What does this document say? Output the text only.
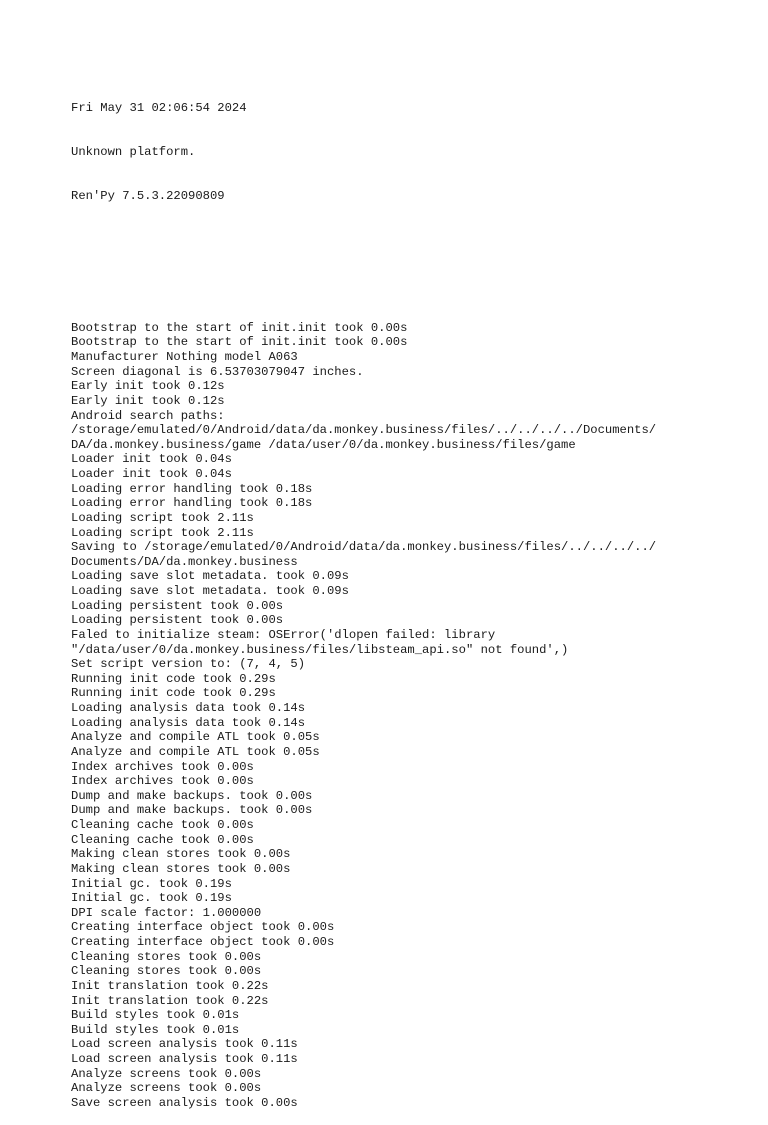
Fri May 31 02:06:54 2024

Unknown platform.

Ren'Py 7.5.3.22090809

Bootstrap to the start of init.init took 0.00s
Bootstrap to the start of init.init took 0.00s
Manufacturer Nothing model A063
Screen diagonal is 6.53703079047 inches.
Early init took 0.12s
Early init took 0.12s
Android search paths:
/storage/emulated/0/Android/data/da.monkey.business/files/../../../../Documents/
DA/da.monkey.business/game /data/user/0/da.monkey.business/files/game
Loader init took 0.04s
Loader init took 0.04s
Loading error handling took 0.18s
Loading error handling took 0.18s
Loading script took 2.11s
Loading script took 2.11s
Saving to /storage/emulated/0/Android/data/da.monkey.business/files/../../../../
Documents/DA/da.monkey.business
Loading save slot metadata. took 0.09s
Loading save slot metadata. took 0.09s
Loading persistent took 0.00s
Loading persistent took 0.00s
Faled to initialize steam: OSError('dlopen failed: library
"/data/user/0/da.monkey.business/files/libsteam_api.so" not found',)
Set script version to: (7, 4, 5)
Running init code took 0.29s
Running init code took 0.29s
Loading analysis data took 0.14s
Loading analysis data took 0.14s
Analyze and compile ATL took 0.05s
Analyze and compile ATL took 0.05s
Index archives took 0.00s
Index archives took 0.00s
Dump and make backups. took 0.00s
Dump and make backups. took 0.00s
Cleaning cache took 0.00s
Cleaning cache took 0.00s
Making clean stores took 0.00s
Making clean stores took 0.00s
Initial gc. took 0.19s
Initial gc. took 0.19s
DPI scale factor: 1.000000
Creating interface object took 0.00s
Creating interface object took 0.00s
Cleaning stores took 0.00s
Cleaning stores took 0.00s
Init translation took 0.22s
Init translation took 0.22s
Build styles took 0.01s
Build styles took 0.01s
Load screen analysis took 0.11s
Load screen analysis took 0.11s
Analyze screens took 0.00s
Analyze screens took 0.00s
Save screen analysis took 0.00s
